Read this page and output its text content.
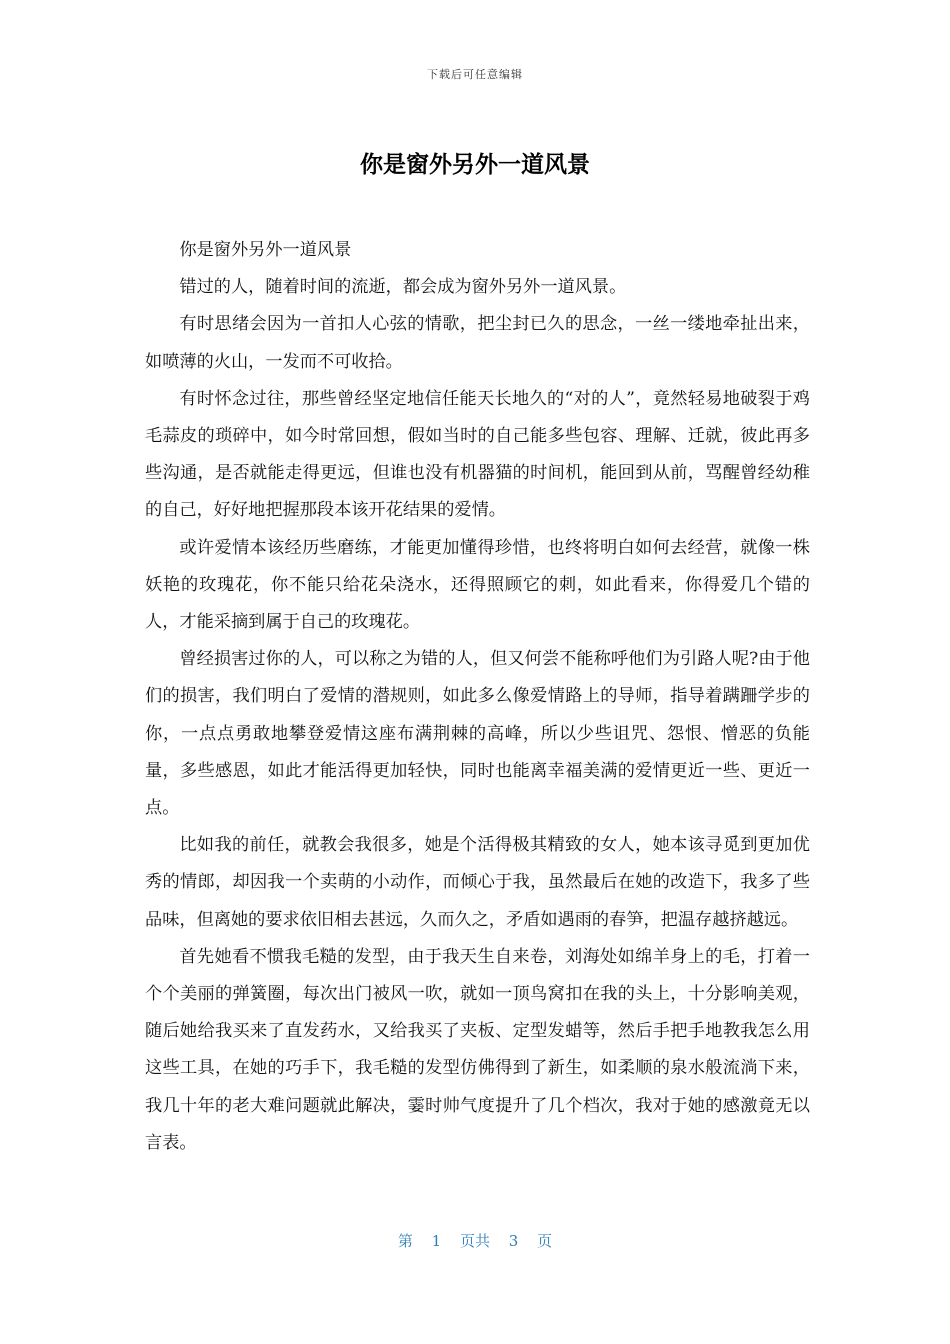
下载后可任意编辑
你是窗外另外一道风景

你是窗外另外一道风景

错过的人，随着时间的流逝，都会成为窗外另外一道风景。

有时思绪会因为一首扣人心弦的情歌，把尘封已久的思念，一丝一缕地牵扯出来，如喷薄的火山，一发而不可收拾。

有时怀念过往，那些曾经坚定地信任能天长地久的“对的人”，竟然轻易地破裂于鸡毛蒜皮的琐碎中，如今时常回想，假如当时的自己能多些包容、理解、迁就，彼此再多些沟通，是否就能走得更远，但谁也没有机器猫的时间机，能回到从前，骂醒曾经幼稚的自己，好好地把握那段本该开花结果的爱情。

或许爱情本该经历些磨练，才能更加懂得珍惜，也终将明白如何去经营，就像一株妖艳的玫瑰花，你不能只给花朵浇水，还得照顾它的刺，如此看来，你得爱几个错的人，才能采摘到属于自己的玫瑰花。

曾经损害过你的人，可以称之为错的人，但又何尝不能称呼他们为引路人呢?由于他们的损害，我们明白了爱情的潜规则，如此多么像爱情路上的导师，指导着蹒跚学步的你，一点点勇敢地攀登爱情这座布满荆棘的高峰，所以少些诅咒、怨恨、憎恶的负能量，多些感恩，如此才能活得更加轻快，同时也能离幸福美满的爱情更近一些、更近一点。

比如我的前任，就教会我很多，她是个活得极其精致的女人，她本该寻觅到更加优秀的情郎，却因我一个卖萌的小动作，而倾心于我，虽然最后在她的改造下，我多了些品味，但离她的要求依旧相去甚远，久而久之，矛盾如遇雨的春笋，把温存越挤越远。

首先她看不惯我毛糙的发型，由于我天生自来卷，刘海处如绵羊身上的毛，打着一个个美丽的弹簧圈，每次出门被风一吹，就如一顶鸟窝扣在我的头上，十分影响美观，随后她给我买来了直发药水，又给我买了夹板、定型发蜡等，然后手把手地教我怎么用这些工具，在她的巧手下，我毛糙的发型仿佛得到了新生，如柔顺的泉水般流淌下来，我几十年的老大难问题就此解决，霎时帅气度提升了几个档次，我对于她的感激竟无以言表。

第 1 页共 3 页
